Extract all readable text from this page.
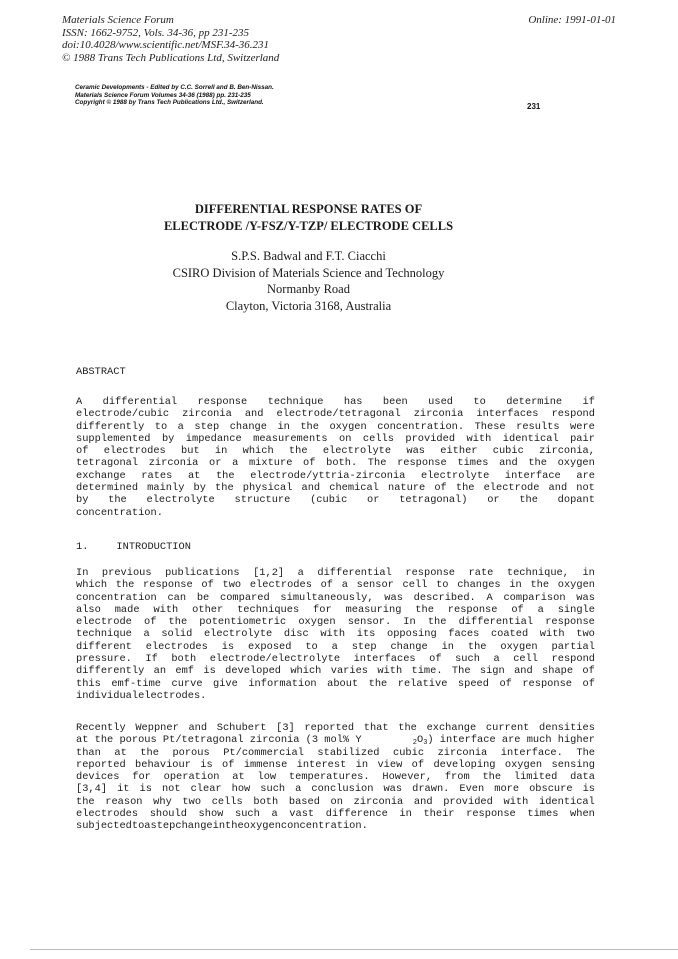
Materials Science Forum
ISSN: 1662-9752, Vols. 34-36, pp 231-235
doi:10.4028/www.scientific.net/MSF.34-36.231
© 1988 Trans Tech Publications Ltd, Switzerland
Online: 1991-01-01
Ceramic Developments - Edited by C.C. Sorrell and B. Ben-Nissan.
Materials Science Forum Volumes 34-36 (1988) pp. 231-235
Copyright © 1988 by Trans Tech Publications Ltd., Switzerland.	231
DIFFERENTIAL RESPONSE RATES OF
ELECTRODE /Y-FSZ/Y-TZP/ ELECTRODE CELLS
S.P.S. Badwal and F.T. Ciacchi
CSIRO Division of Materials Science and Technology
Normanby Road
Clayton, Victoria 3168, Australia
ABSTRACT
A differential response technique has been used to determine if
electrode/cubic zirconia and electrode/tetragonal zirconia interfaces respond
differently to a step change in the oxygen concentration. These results were
supplemented by impedance measurements on cells provided with identical pair
of electrodes but in which the electrolyte was either cubic zirconia,
tetragonal zirconia or a mixture of both. The response times and the oxygen
exchange rates at the electrode/yttria-zirconia electrolyte interface are
determined mainly by the physical and chemical nature of the electrode and not
by the electrolyte structure (cubic or tetragonal) or the dopant
concentration.
1.	INTRODUCTION
In previous publications [1,2] a differential response rate technique, in
which the response of two electrodes of a sensor cell to changes in the oxygen
concentration can be compared simultaneously, was described. A comparison was
also made with other techniques for measuring the response of a single
electrode of the potentiometric oxygen sensor. In the differential response
technique a solid electrolyte disc with its opposing faces coated with two
different electrodes is exposed to a step change in the oxygen partial
pressure. If both electrode/electrolyte interfaces of such a cell respond
differently an emf is developed which varies with time. The sign and shape of
this emf-time curve give information about the relative speed of response of
individual electrodes.
Recently Weppner and Schubert [3] reported that the exchange current densities
at the porous Pt/tetragonal zirconia (3 mol% Y	2O3) interface are much higher
than at the porous Pt/commercial stabilized cubic zirconia interface. The
reported behaviour is of immense interest in view of developing oxygen sensing
devices for operation at low temperatures. However, from the limited data
[3,4] it is not clear how such a conclusion was drawn. Even more obscure is
the reason why two cells both based on zirconia and provided with identical
electrodes should show such a vast difference in their response times when
subjected to a step change in the oxygen concentration.
